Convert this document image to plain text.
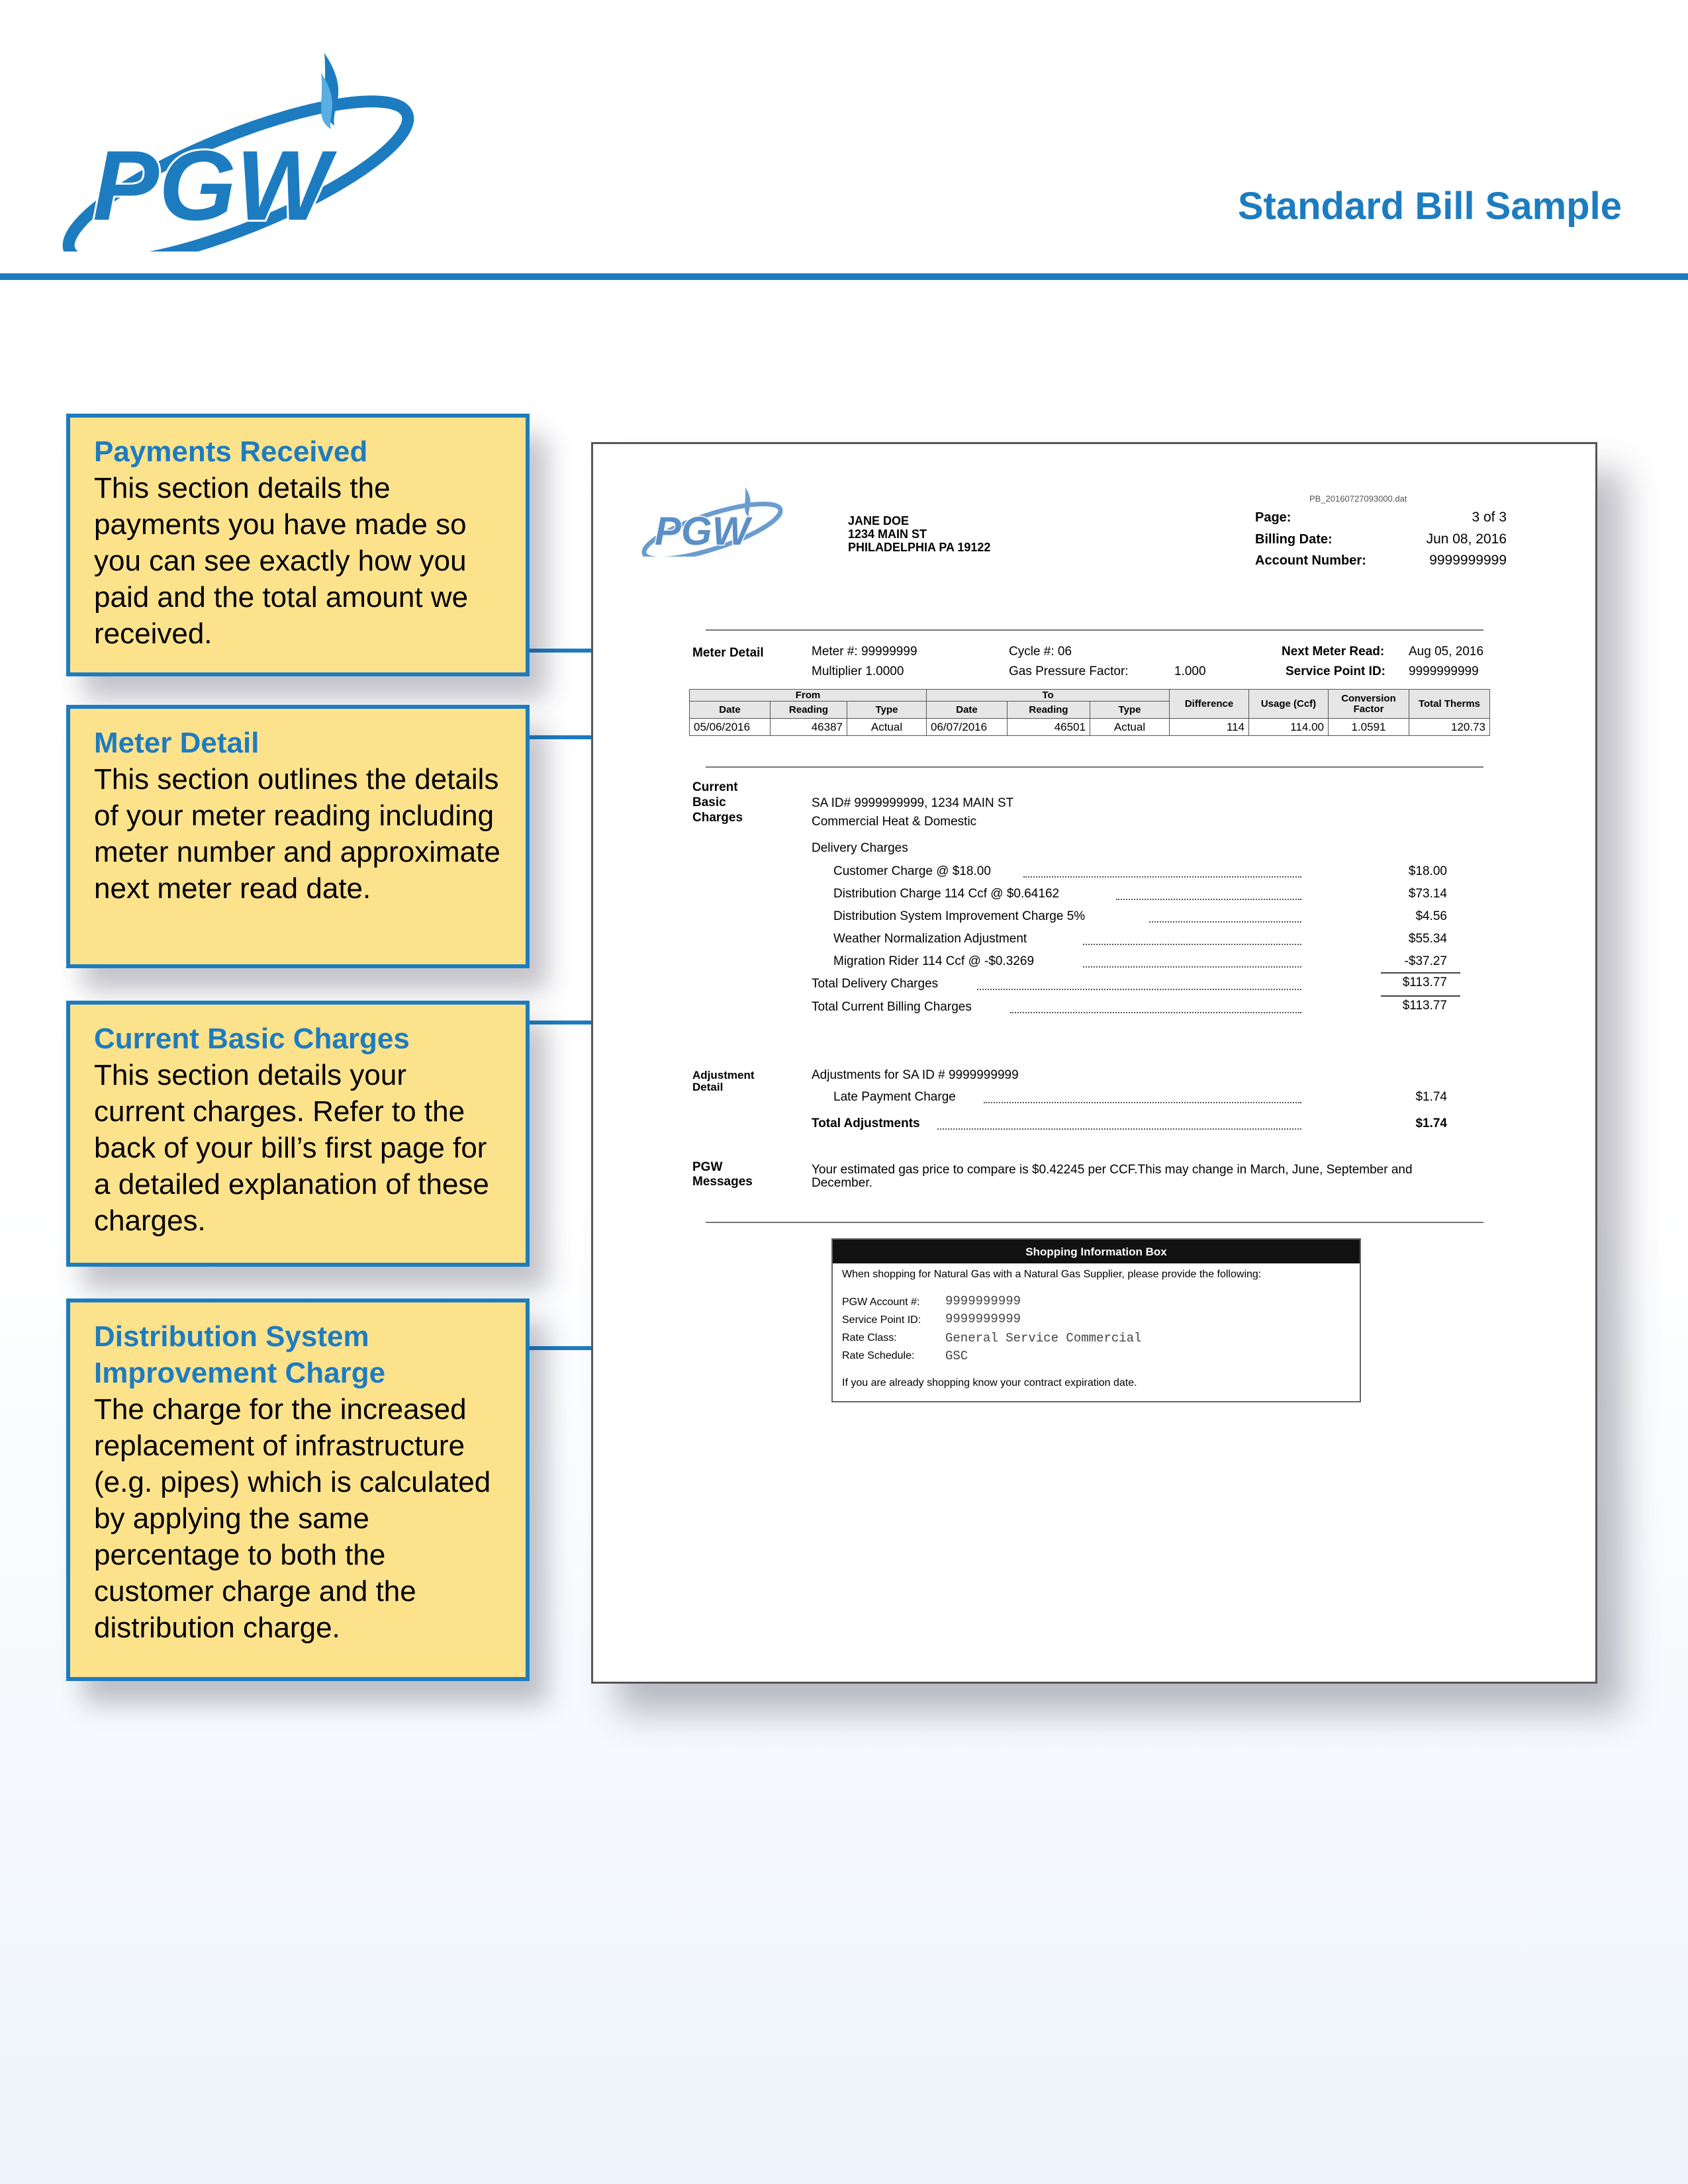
PGW	Standard Bill Sample
Payments Received
This section details the payments you have made so you can see exactly how you paid and the total amount we received.
Meter Detail
This section outlines the details of your meter reading including meter number and approximate next meter read date.
Current Basic Charges
This section details your current charges. Refer to the back of your bill’s first page for a detailed explanation of these charges.
Distribution System Improvement Charge
The charge for the increased replacement of infrastructure (e.g. pipes) which is calculated by applying the same percentage to both the customer charge and the distribution charge.
PB_20160727093000.dat
PGW	JANE DOE
1234 MAIN ST
PHILADELPHIA PA 19122
Page:	3 of 3
Billing Date:	Jun 08, 2016
Account Number:	9999999999
Meter Detail	Meter #: 99999999
Multiplier 1.0000
Cycle #: 06
Gas Pressure Factor:	1.000
Next Meter Read: Aug 05, 2016
Service Point ID: 9999999999
From			To			Difference	Usage (Ccf)	Conversion Factor	Total Therms
Date	Reading	Type	Date	Reading	Type				
05/06/2016	46387	Actual	06/07/2016	46501	Actual	114	114.00	1.0591	120.73
Current
Basic
Charges
SA ID# 9999999999, 1234 MAIN ST
Commercial Heat & Domestic
Delivery Charges
Customer Charge @ $18.00	$18.00
Distribution Charge 114 Ccf @ $0.64162	$73.14
Distribution System Improvement Charge 5%	$4.56
Weather Normalization Adjustment	$55.34
Migration Rider 114 Ccf @ -$0.3269	-$37.27
Total Delivery Charges	$113.77
Total Current Billing Charges	$113.77
Adjustment
Detail
Adjustments for SA ID # 9999999999
Late Payment Charge	$1.74
Total Adjustments	$1.74
PGW
Messages
Your estimated gas price to compare is $0.42245 per CCF.This may change in March, June, September and
December.
Shopping Information Box
When shopping for Natural Gas with a Natural Gas Supplier, please provide the following:
PGW Account #: 9999999999
Service Point ID: 9999999999
Rate Class:	General Service Commercial
Rate Schedule: GSC
If you are already shopping know your contract expiration date.
